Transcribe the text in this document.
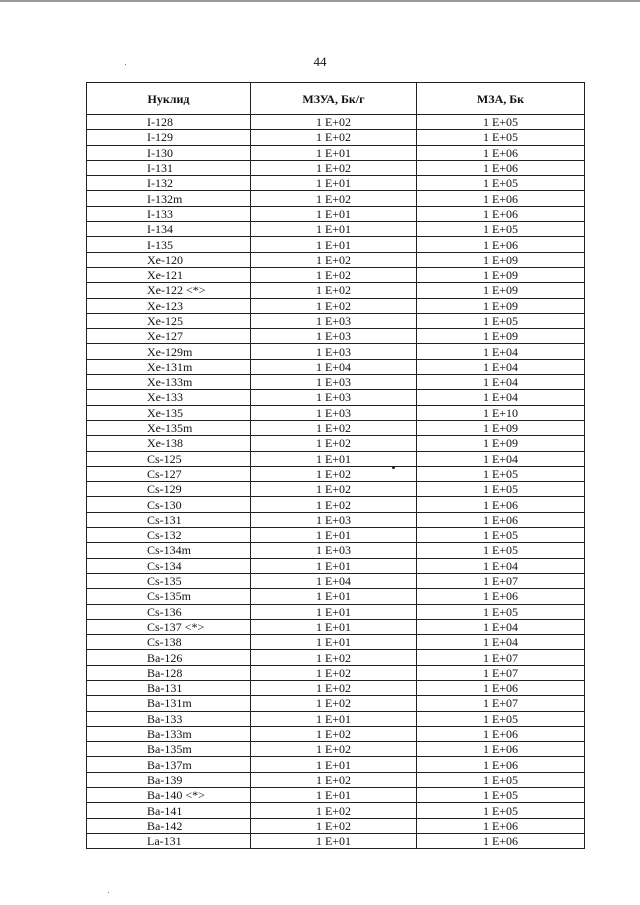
44
Нуклид	МЗУА, Бк/г	МЗА, Бк
I-128	1 E+02	1 E+05
I-129	1 E+02	1 E+05
I-130	1 E+01	1 E+06
I-131	1 E+02	1 E+06
I-132	1 E+01	1 E+05
I-132m	1 E+02	1 E+06
I-133	1 E+01	1 E+06
I-134	1 E+01	1 E+05
I-135	1 E+01	1 E+06
Xe-120	1 E+02	1 E+09
Xe-121	1 E+02	1 E+09
Xe-122 <*>	1 E+02	1 E+09
Xe-123	1 E+02	1 E+09
Xe-125	1 E+03	1 E+05
Xe-127	1 E+03	1 E+09
Xe-129m	1 E+03	1 E+04
Xe-131m	1 E+04	1 E+04
Xe-133m	1 E+03	1 E+04
Xe-133	1 E+03	1 E+04
Xe-135	1 E+03	1 E+10
Xe-135m	1 E+02	1 E+09
Xe-138	1 E+02	1 E+09
Cs-125	1 E+01	1 E+04
Cs-127	1 E+02	1 E+05
Cs-129	1 E+02	1 E+05
Cs-130	1 E+02	1 E+06
Cs-131	1 E+03	1 E+06
Cs-132	1 E+01	1 E+05
Cs-134m	1 E+03	1 E+05
Cs-134	1 E+01	1 E+04
Cs-135	1 E+04	1 E+07
Cs-135m	1 E+01	1 E+06
Cs-136	1 E+01	1 E+05
Cs-137 <*>	1 E+01	1 E+04
Cs-138	1 E+01	1 E+04
Ba-126	1 E+02	1 E+07
Ba-128	1 E+02	1 E+07
Ba-131	1 E+02	1 E+06
Ba-131m	1 E+02	1 E+07
Ba-133	1 E+01	1 E+05
Ba-133m	1 E+02	1 E+06
Ba-135m	1 E+02	1 E+06
Ba-137m	1 E+01	1 E+06
Ba-139	1 E+02	1 E+05
Ba-140 <*>	1 E+01	1 E+05
Ba-141	1 E+02	1 E+05
Ba-142	1 E+02	1 E+06
La-131	1 E+01	1 E+06
